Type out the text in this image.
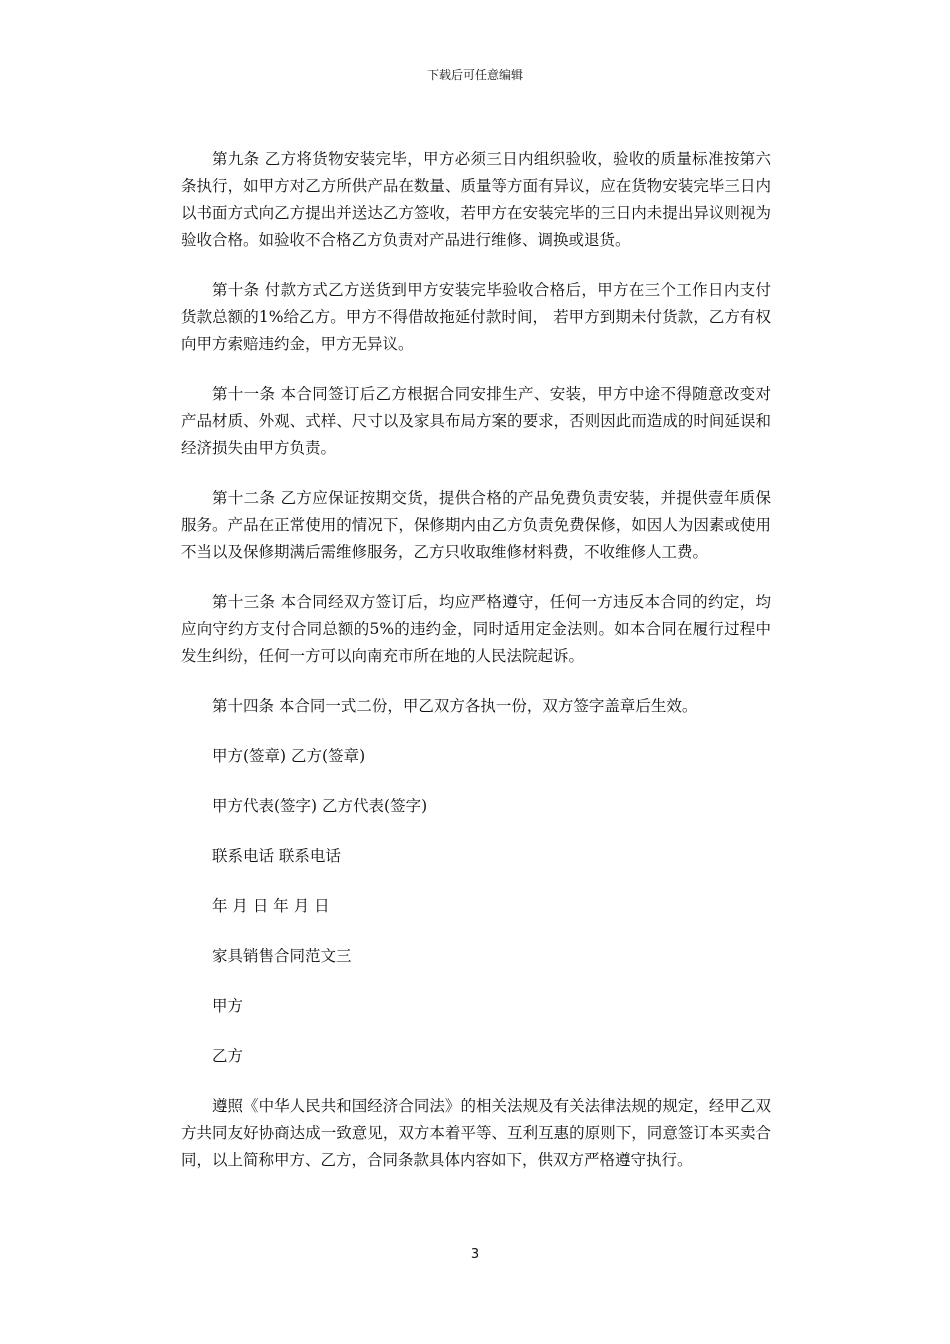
下载后可任意编辑

第九条 乙方将货物安装完毕，甲方必须三日内组织验收，验收的质量标准按第六条执行，如甲方对乙方所供产品在数量、质量等方面有异议，应在货物安装完毕三日内以书面方式向乙方提出并送达乙方签收，若甲方在安装完毕的三日内未提出异议则视为验收合格。如验收不合格乙方负责对产品进行维修、调换或退货。

第十条 付款方式乙方送货到甲方安装完毕验收合格后，甲方在三个工作日内支付货款总额的1%给乙方。甲方不得借故拖延付款时间， 若甲方到期未付货款，乙方有权向甲方索赔违约金，甲方无异议。

第十一条 本合同签订后乙方根据合同安排生产、安装，甲方中途不得随意改变对产品材质、外观、式样、尺寸以及家具布局方案的要求，否则因此而造成的时间延误和经济损失由甲方负责。

第十二条 乙方应保证按期交货，提供合格的产品免费负责安装，并提供壹年质保服务。产品在正常使用的情况下，保修期内由乙方负责免费保修，如因人为因素或使用不当以及保修期满后需维修服务，乙方只收取维修材料费，不收维修人工费。

第十三条 本合同经双方签订后，均应严格遵守，任何一方违反本合同的约定，均应向守约方支付合同总额的5%的违约金，同时适用定金法则。如本合同在履行过程中发生纠纷，任何一方可以向南充市所在地的人民法院起诉。

第十四条 本合同一式二份，甲乙双方各执一份，双方签字盖章后生效。

甲方(签章) 乙方(签章)

甲方代表(签字) 乙方代表(签字)

联系电话 联系电话

年 月 日 年 月 日

家具销售合同范文三

甲方

乙方

遵照《中华人民共和国经济合同法》的相关法规及有关法律法规的规定，经甲乙双方共同友好协商达成一致意见，双方本着平等、互利互惠的原则下，同意签订本买卖合同，以上简称甲方、乙方，合同条款具体内容如下，供双方严格遵守执行。

3
